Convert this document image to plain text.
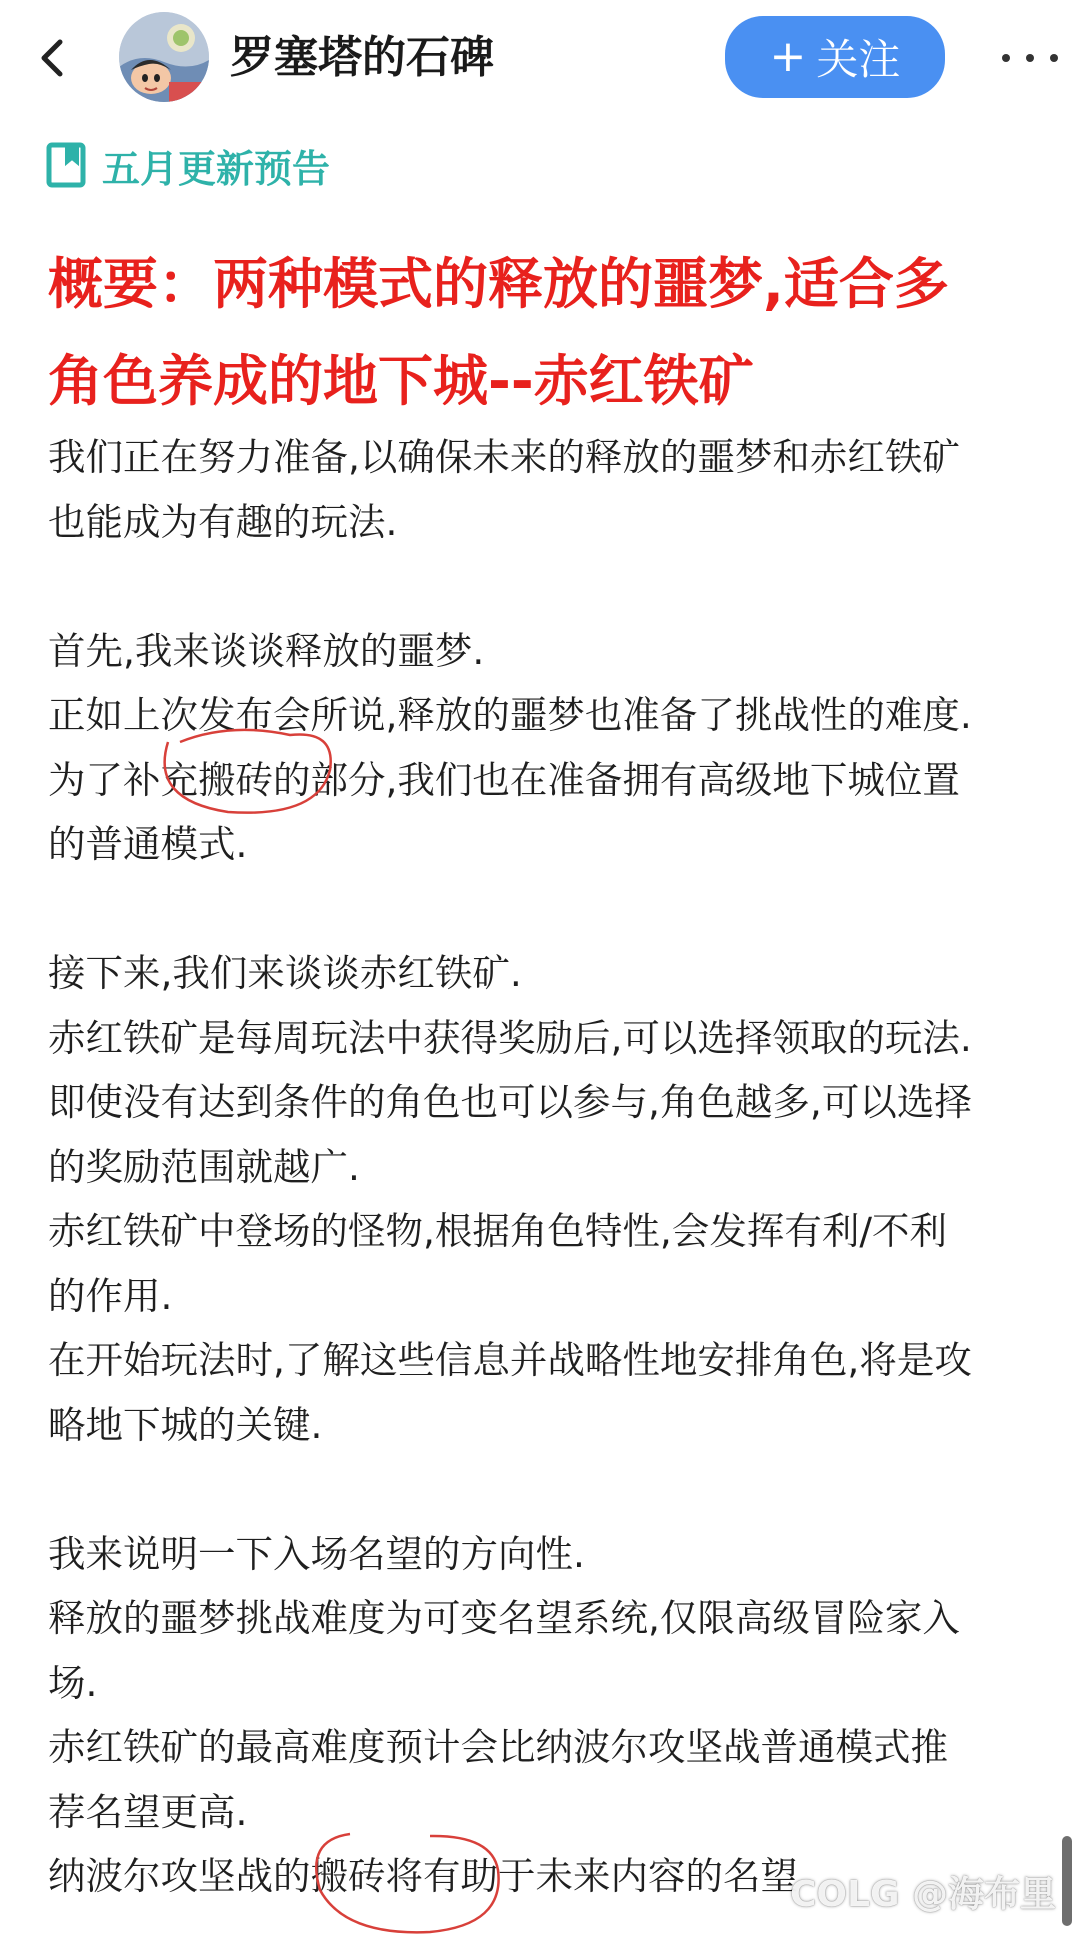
罗塞塔的石碑	+ 关注
五月更新预告
概要：两种模式的释放的噩梦,适合多
角色养成的地下城--赤红铁矿
我们正在努力准备,以确保未来的释放的噩梦和赤红铁矿
也能成为有趣的玩法.
首先,我来谈谈释放的噩梦.
正如上次发布会所说,释放的噩梦也准备了挑战性的难度.
为了补充搬砖的部分,我们也在准备拥有高级地下城位置
的普通模式.
接下来,我们来谈谈赤红铁矿.
赤红铁矿是每周玩法中获得奖励后,可以选择领取的玩法.
即使没有达到条件的角色也可以参与,角色越多,可以选择
的奖励范围就越广.
赤红铁矿中登场的怪物,根据角色特性,会发挥有利/不利
的作用.
在开始玩法时,了解这些信息并战略性地安排角色,将是攻
略地下城的关键.
我来说明一下入场名望的方向性.
释放的噩梦挑战难度为可变名望系统,仅限高级冒险家入
场.
赤红铁矿的最高难度预计会比纳波尔攻坚战普通模式推
荐名望更高.
纳波尔攻坚战的搬砖将有助于未来内容的名望
COLG @海布里
